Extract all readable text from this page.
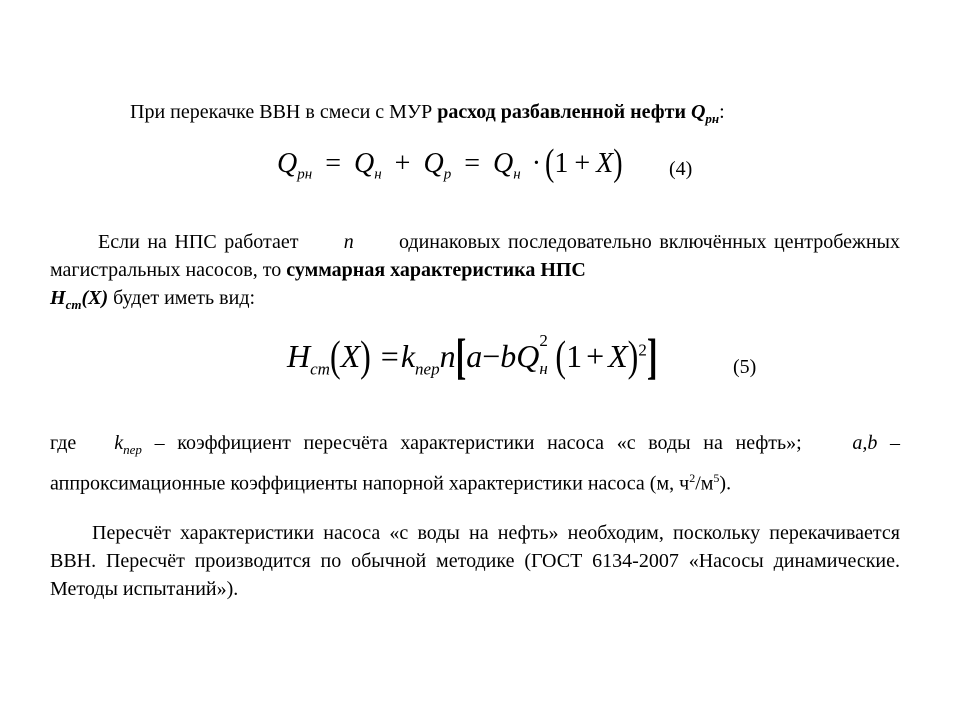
При перекачке ВВН в смеси с МУР расход разбавленной нефти $Q_{рн}$:
$Q_{рн} = Q_н + Q_р = Q_н \cdot (1 + X)$ (4)
Если на НПС работает n одинаковых последовательно включённых центробежных магистральных насосов, то суммарная характеристика НПС
$H_{ст}(X)$ будет иметь вид:
$H_{ст}(X) =k_{пер}n[a-bQ$ 2
н $(1 + X)^2$]	(5)
где $k_{пер}$ – коэффициент пересчёта характеристики насоса «с воды на нефть»;	a,b – аппроксимационные коэффициенты напорной характеристики насоса (м, $ч^2/м^5$).
Пересчёт характеристики насоса «с воды на нефть» необходим, поскольку перекачивается ВВН. Пересчёт производится по обычной методике (ГОСТ 6134-2007 «Насосы динамические. Методы испытаний»).
